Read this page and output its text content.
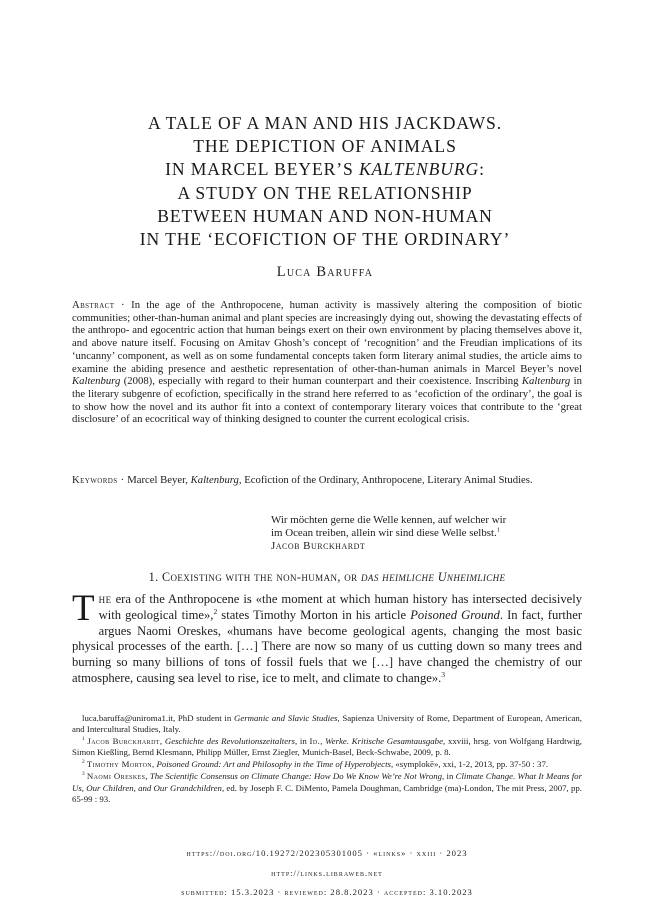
A TALE OF A MAN AND HIS JACKDAWS.
THE DEPICTION OF ANIMALS
IN MARCEL BEYER’S KALTENBURG:
A STUDY ON THE RELATIONSHIP
BETWEEN HUMAN AND NON-HUMAN
IN THE ‘ECOFICTION OF THE ORDINARY’
Luca Baruffa
Abstract · In the age of the Anthropocene, human activity is massively altering the composition of biotic communities; other-than-human animal and plant species are increasingly dying out, showing the devastating effects of the anthropo- and egocentric action that human beings exert on their own environment by placing themselves above it, and above nature itself. Focusing on Amitav Ghosh’s concept of ‘recognition’ and the Freudian implications of its ‘uncanny’ component, as well as on some fundamental concepts taken form literary animal studies, the article aims to examine the abiding presence and aesthetic representation of other-than-human animals in Marcel Beyer’s novel Kaltenburg (2008), especially with regard to their human counterpart and their coexistence. Inscribing Kaltenburg in the literary subgenre of ecofiction, specifically in the strand here referred to as ‘ecofiction of the ordinary’, the goal is to show how the novel and its author fit into a context of contemporary literary voices that contribute to the ‘great disclosure’ of an ecocritical way of thinking designed to counter the current ecological crisis.
Keywords · Marcel Beyer, Kaltenburg, Ecofiction of the Ordinary, Anthropocene, Literary Animal Studies.
Wir möchten gerne die Welle kennen, auf welcher wir
im Ocean treiben, allein wir sind diese Welle selbst.$^1$
Jacob Burckhardt
1. Coexisting with the non-human, or das heimliche Unheimliche
The era of the Anthropocene is «the moment at which human history has intersected decisively with geological time»,$^2$ states Timothy Morton in his article Poisoned Ground. In fact, further argues Naomi Oreskes, «humans have become geological agents, changing the most basic physical processes of the earth. […] There are now so many of us cutting down so many trees and burning so many billions of tons of fossil fuels that we […] have changed the chemistry of our atmosphere, causing sea level to rise, ice to melt, and climate to change».$^3$
luca.baruffa@uniroma1.it, PhD student in Germanic and Slavic Studies, Sapienza University of Rome, Department of European, American, and Intercultural Studies, Italy.
$^1$ Jacob Burckhardt, Geschichte des Revolutionszeitalters, in Id., Werke. Kritische Gesamtausgabe, xxviii, hrsg. von Wolfgang Hardtwig, Simon Kießling, Bernd Klesmann, Philipp Müller, Ernst Ziegler, Munich-Basel, Beck-Schwabe, 2009, p. 8.
$^2$ Timothy Morton, Poisoned Ground: Art and Philosophy in the Time of Hyperobjects, «symplokē», xxi, 1-2, 2013, pp. 37-50 : 37.
$^3$ Naomi Oreskes, The Scientific Consensus on Climate Change: How Do We Know We’re Not Wrong, in Climate Change. What It Means for Us, Our Children, and Our Grandchildren, ed. by Joseph F. C. DiMento, Pamela Doughman, Cambridge (ma)-London, The mit Press, 2007, pp. 65-99 : 93.
https://doi.org/10.19272/202305301005 · «links» · xxiii · 2023
http://links.libraweb.net
submitted: 15.3.2023 · reviewed: 28.8.2023 · accepted: 3.10.2023
